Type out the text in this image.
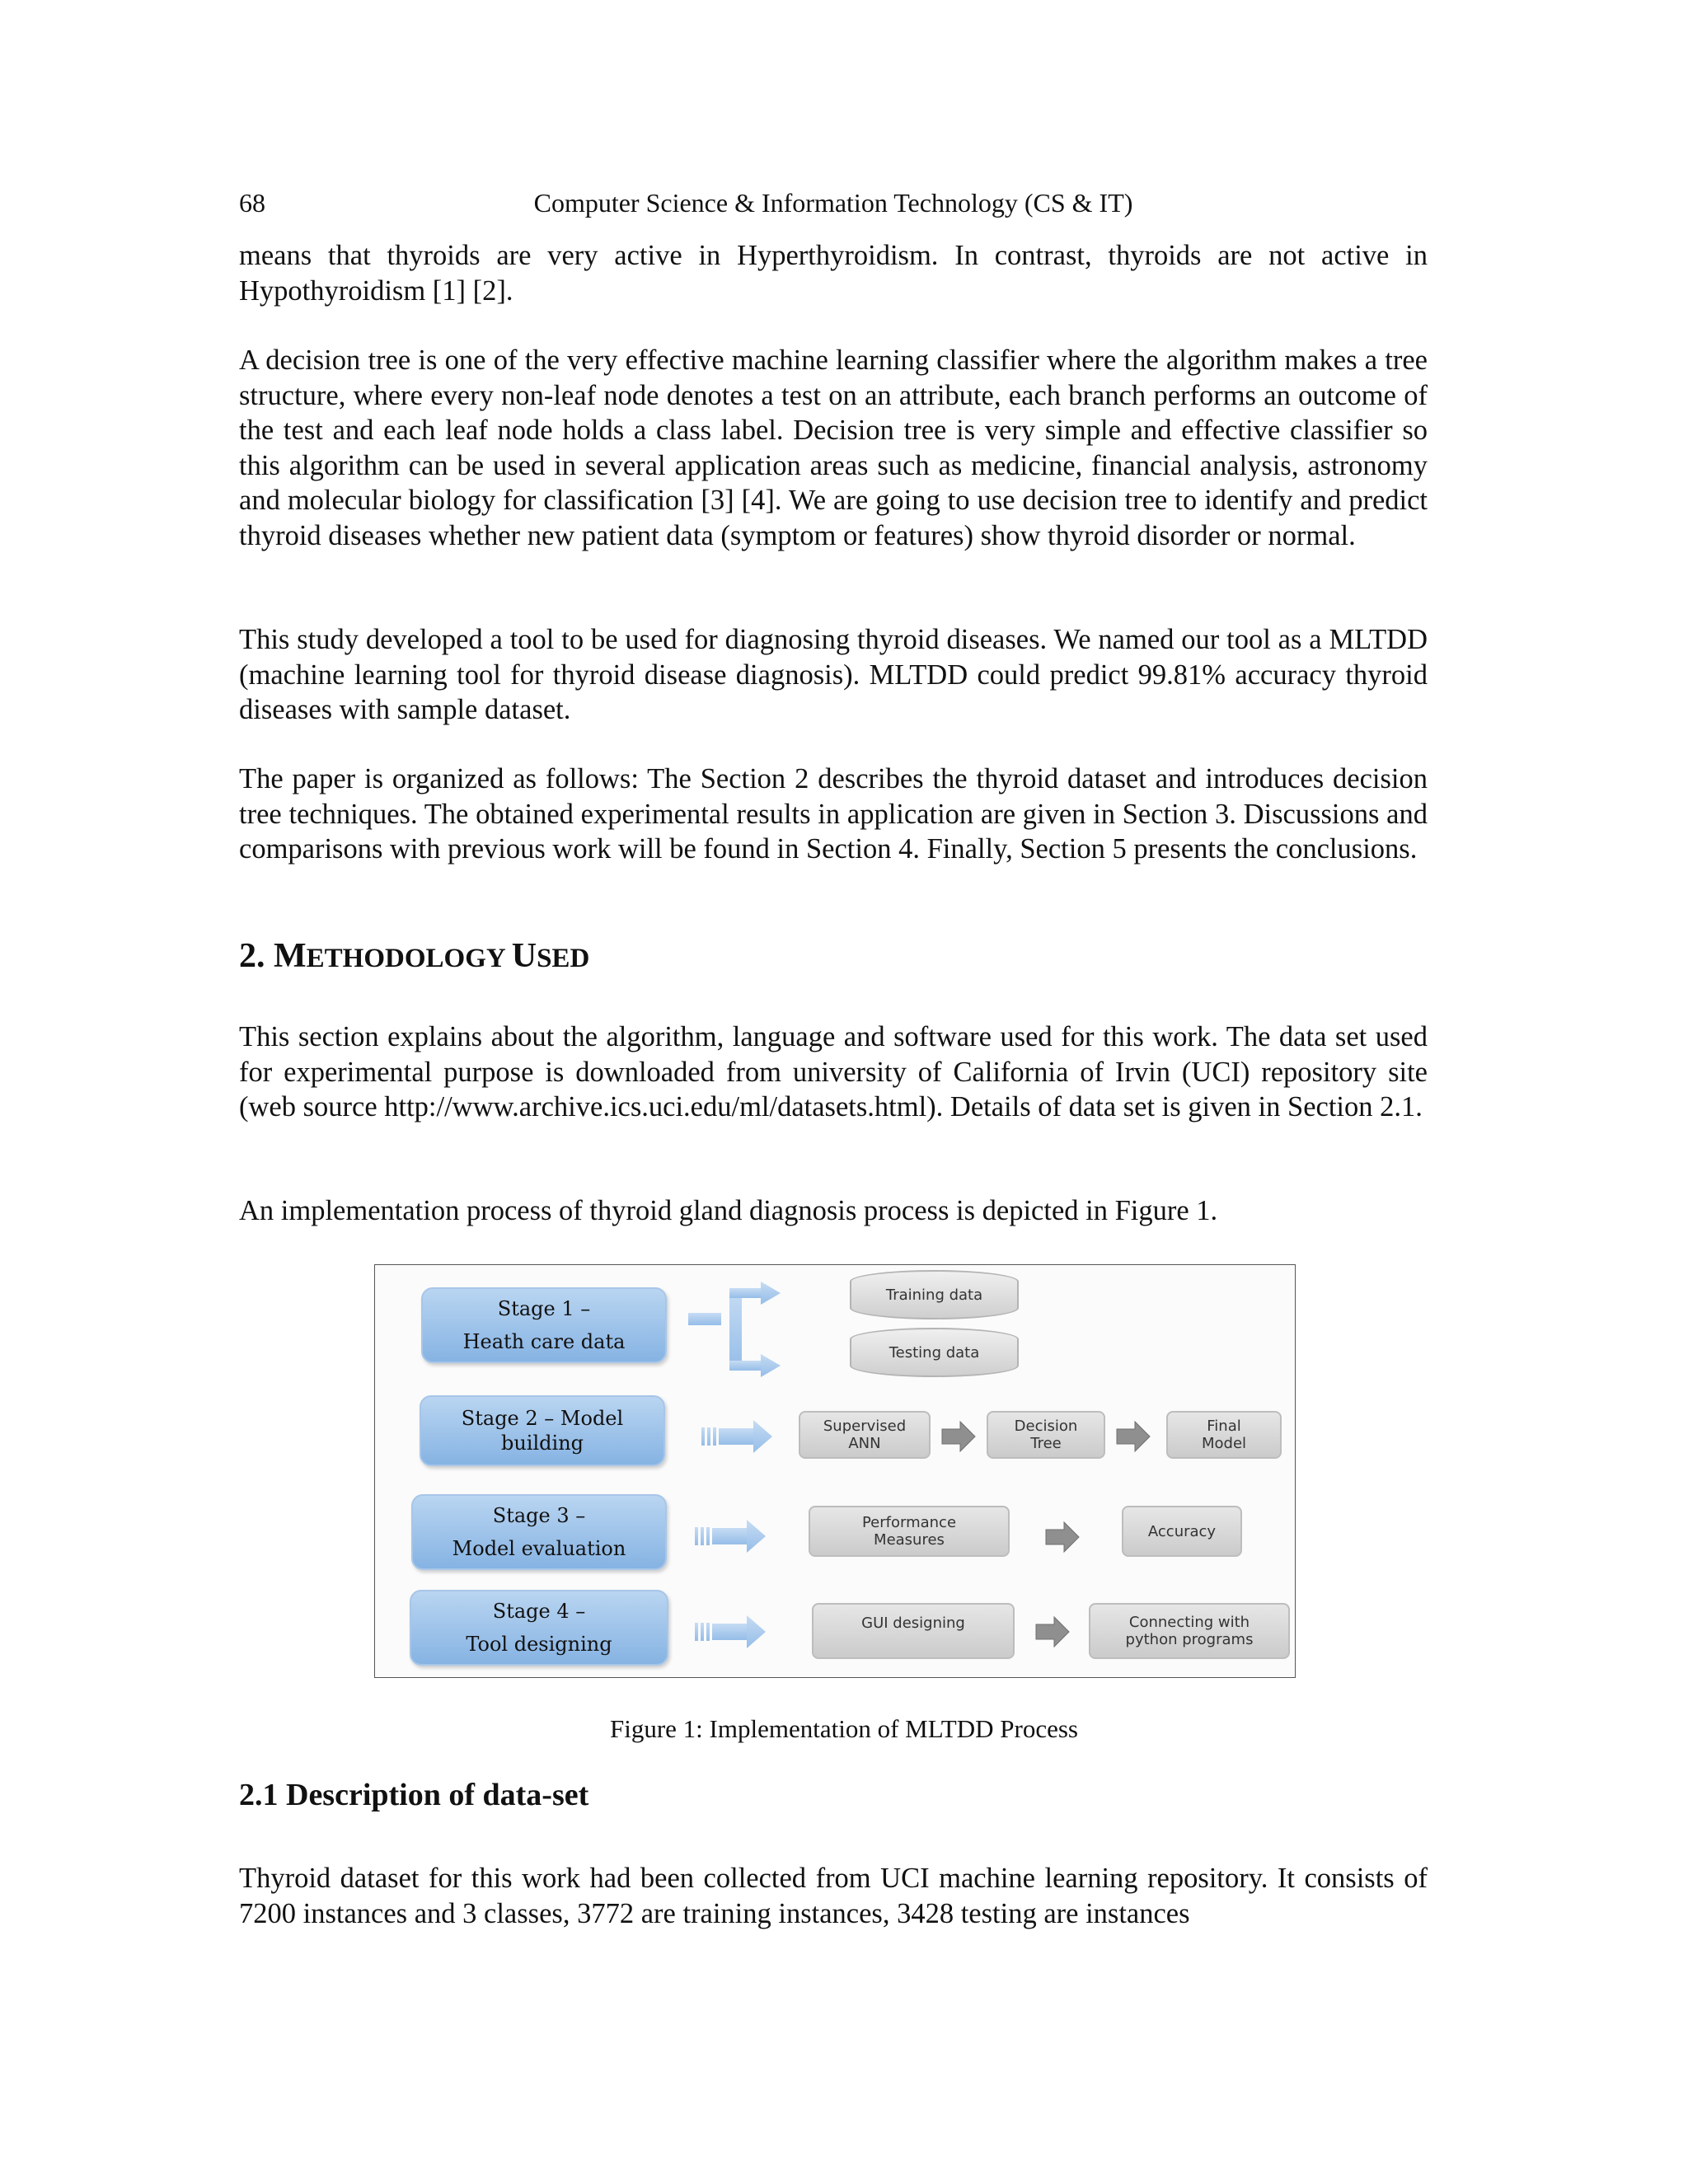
68	Computer Science & Information Technology (CS & IT)

means that thyroids are very active in Hyperthyroidism. In contrast, thyroids are not active in Hypothyroidism [1] [2].

A decision tree is one of the very effective machine learning classifier where the algorithm makes a tree structure, where every non-leaf node denotes a test on an attribute, each branch performs an outcome of the test and each leaf node holds a class label. Decision tree is very simple and effective classifier so this algorithm can be used in several application areas such as medicine, financial analysis, astronomy and molecular biology for classification [3] [4]. We are going to use decision tree to identify and predict thyroid diseases whether new patient data (symptom or features) show thyroid disorder or normal.

This study developed a tool to be used for diagnosing thyroid diseases. We named our tool as a MLTDD (machine learning tool for thyroid disease diagnosis). MLTDD could predict 99.81% accuracy thyroid diseases with sample dataset.

The paper is organized as follows: The Section 2 describes the thyroid dataset and introduces decision tree techniques. The obtained experimental results in application are given in Section 3. Discussions and comparisons with previous work will be found in Section 4. Finally, Section 5 presents the conclusions.

2. METHODOLOGY USED

This section explains about the algorithm, language and software used for this work. The data set used for experimental purpose is downloaded from university of California of Irvin (UCI) repository site (web source http://www.archive.ics.uci.edu/ml/datasets.html). Details of data set is given in Section 2.1.

An implementation process of thyroid gland diagnosis process is depicted in Figure 1.

Stage 1 –
Heath care data
Stage 2 – Model
building
Stage 3 –
Model evaluation
Stage 4 –
Tool designing
Training data
Testing data
Supervised
ANN
Decision
Tree
Final
Model
Performance
Measures	Accuracy
GUI designing	Connecting with
python programs
Figure 1: Implementation of MLTDD Process
2.1 Description of data-set

Thyroid dataset for this work had been collected from UCI machine learning repository. It consists of 7200 instances and 3 classes, 3772 are training instances, 3428 testing are instances
